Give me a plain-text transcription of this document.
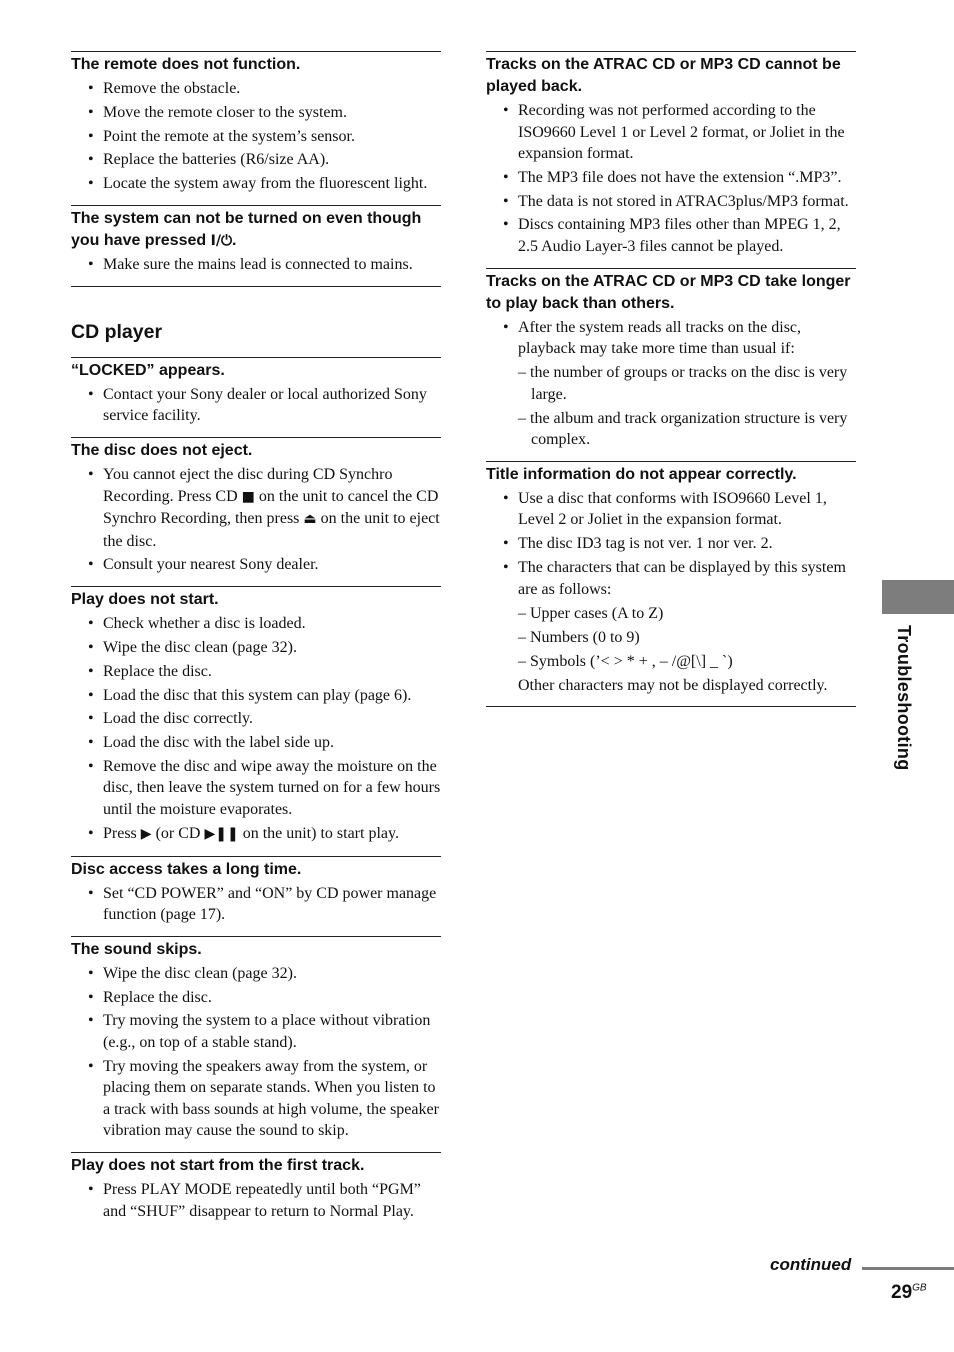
The remote does not function.
• Remove the obstacle.
• Move the remote closer to the system.
• Point the remote at the system’s sensor.
• Replace the batteries (R6/size AA).
• Locate the system away from the fluorescent light.
The system can not be turned on even though you have pressed I/⏻.
• Make sure the mains lead is connected to mains.
CD player
“LOCKED” appears.
• Contact your Sony dealer or local authorized Sony service facility.
The disc does not eject.
• You cannot eject the disc during CD Synchro Recording. Press CD ■ on the unit to cancel the CD Synchro Recording, then press ⏏ on the unit to eject the disc.
• Consult your nearest Sony dealer.
Play does not start.
• Check whether a disc is loaded.
• Wipe the disc clean (page 32).
• Replace the disc.
• Load the disc that this system can play (page 6).
• Load the disc correctly.
• Load the disc with the label side up.
• Remove the disc and wipe away the moisture on the disc, then leave the system turned on for a few hours until the moisture evaporates.
• Press ▶ (or CD ▶❚❚ on the unit) to start play.
Disc access takes a long time.
• Set “CD POWER” and “ON” by CD power manage function (page 17).
The sound skips.
• Wipe the disc clean (page 32).
• Replace the disc.
• Try moving the system to a place without vibration (e.g., on top of a stable stand).
• Try moving the speakers away from the system, or placing them on separate stands. When you listen to a track with bass sounds at high volume, the speaker vibration may cause the sound to skip.
Play does not start from the first track.
• Press PLAY MODE repeatedly until both “PGM” and “SHUF” disappear to return to Normal Play.
Tracks on the ATRAC CD or MP3 CD cannot be played back.
• Recording was not performed according to the ISO9660 Level 1 or Level 2 format, or Joliet in the expansion format.
• The MP3 file does not have the extension “.MP3”.
• The data is not stored in ATRAC3plus/MP3 format.
• Discs containing MP3 files other than MPEG 1, 2, 2.5 Audio Layer-3 files cannot be played.
Tracks on the ATRAC CD or MP3 CD take longer to play back than others.
• After the system reads all tracks on the disc, playback may take more time than usual if:
– the number of groups or tracks on the disc is very large.
– the album and track organization structure is very complex.
Title information do not appear correctly.
• Use a disc that conforms with ISO9660 Level 1, Level 2 or Joliet in the expansion format.
• The disc ID3 tag is not ver. 1 nor ver. 2.
• The characters that can be displayed by this system are as follows:
– Upper cases (A to Z)
– Numbers (0 to 9)
– Symbols (’< > * + , – /@[\] _ `)
Other characters may not be displayed correctly.	Troubleshooting
continued
$29^{GB}$
